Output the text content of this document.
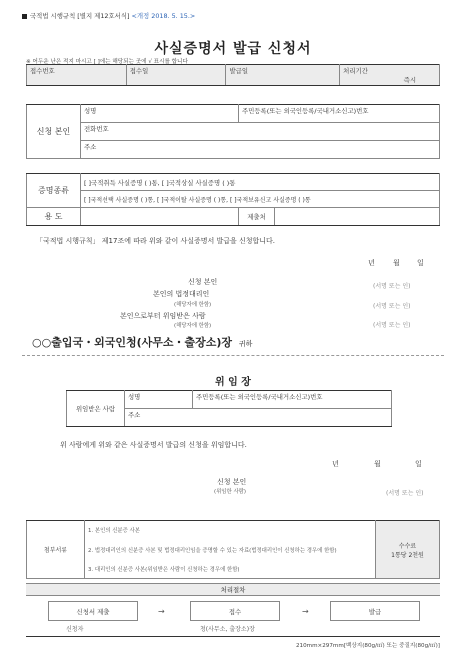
국적법 시행규칙 [별지 제12호서식] <개정 2018. 5. 15.>
사실증명서 발급 신청서
※ 어두운 난은 적지 마시고 [ ]에는 해당되는 곳에 √ 표시를 합니다
접수번호	접수일	발급일	처리기간
즉시
신청 본인	성명	주민등록(또는 외국인등록/국내거소신고)번호
전화번호
주소
증명종류	[ ]국적취득 사실증명 ( )통, [ ]국적상실 사실증명 ( )통
[ ]국적선택 사실증명 ( )통, [ ]국적이탈 사실증명 ( )통, [ ]국적보유신고 사실증명 ( )통
용 도		제출처	
「국적법 시행규칙」 제17조에 따라 위와 같이 사실증명서 발급을 신청합니다.
년	월 일
신청 본인
(서명 또는 인)
본인의 법정대리인
(해당자에 한함)	(서명 또는 인)
본인으로부터 위임받은 사람
(해당자에 한함)	(서명 또는 인)
○○출입국・외국인청(사무소・출장소)장 귀하
위 임 장
위임받은 사람	성명	주민등록(또는 외국인등록/국내거소신고)번호
주소
위 사람에게 위와 같은 사실증명서 발급의 신청을 위임합니다.
년	월	일
신청 본인
(위임한 사람)	(서명 또는 인)
첨부서류	1. 본인의 신분증 사본	
수수료
1통당 2천원

2. 법정대리인의 신분증 사본 및 법정대리인임을 증명할 수 있는 자료(법정대리인이 신청하는 경우에 한함)
3. 대리인의 신분증 사본(위임받은 사람이 신청하는 경우에 한함)
처리절차
신청서 제출	→	접수	→	발급
신청자	청(사무소, 출장소)장
210mm×297mm[백상지(80g/㎡) 또는 중질지(80g/㎡)]
